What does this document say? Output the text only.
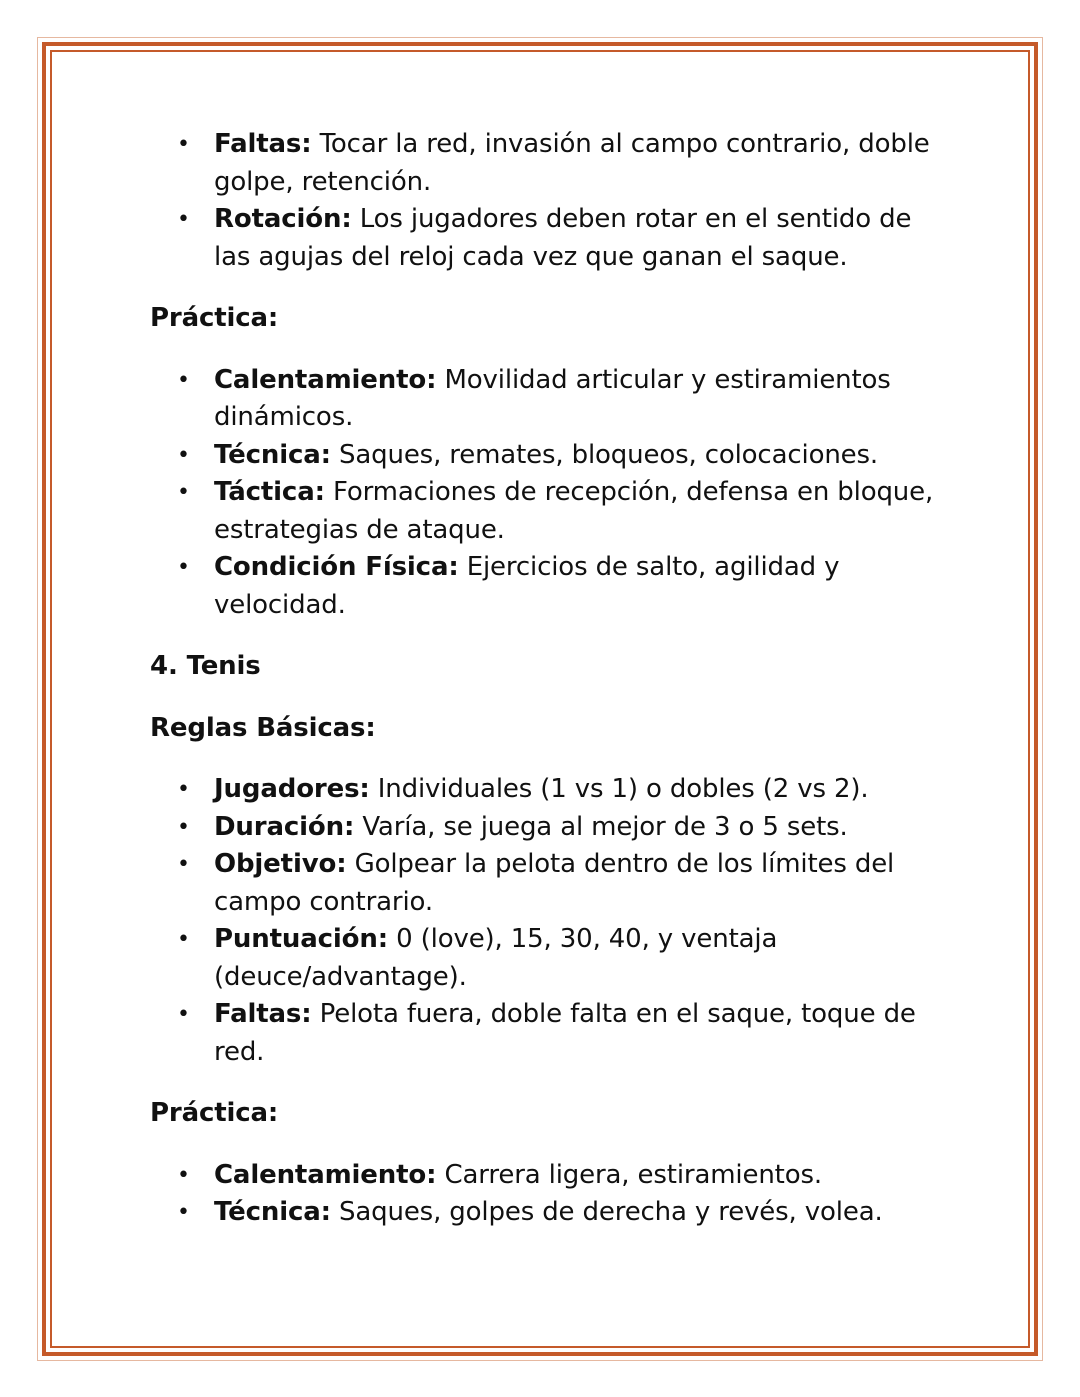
• Faltas: Tocar la red, invasión al campo contrario, doble golpe, retención.
• Rotación: Los jugadores deben rotar en el sentido de las agujas del reloj cada vez que ganan el saque.

Práctica:

• Calentamiento: Movilidad articular y estiramientos dinámicos.
• Técnica: Saques, remates, bloqueos, colocaciones.
• Táctica: Formaciones de recepción, defensa en bloque, estrategias de ataque.
• Condición Física: Ejercicios de salto, agilidad y velocidad.

4. Tenis

Reglas Básicas:

• Jugadores: Individuales (1 vs 1) o dobles (2 vs 2).
• Duración: Varía, se juega al mejor de 3 o 5 sets.
• Objetivo: Golpear la pelota dentro de los límites del campo contrario.
• Puntuación: 0 (love), 15, 30, 40, y ventaja (deuce/advantage).
• Faltas: Pelota fuera, doble falta en el saque, toque de red.

Práctica:

• Calentamiento: Carrera ligera, estiramientos.
• Técnica: Saques, golpes de derecha y revés, volea.
